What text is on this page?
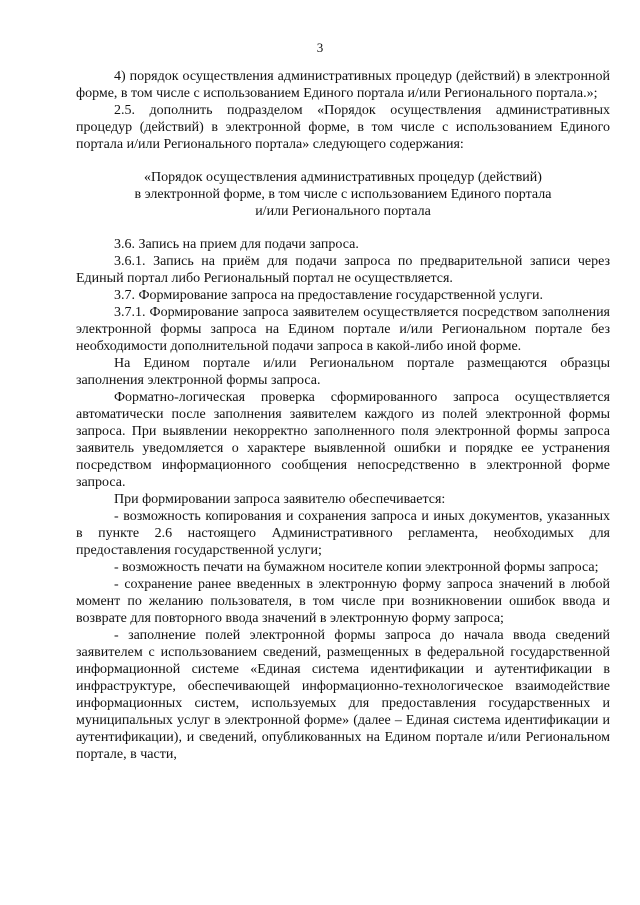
3

4) порядок осуществления административных процедур (действий) в электронной форме, в том числе с использованием Единого портала и/или Регионального портала.»;

2.5. дополнить подразделом «Порядок осуществления административных процедур (действий) в электронной форме, в том числе с использованием Единого портала и/или Регионального портала» следующего содержания:

«Порядок осуществления административных процедур (действий)
в электронной форме, в том числе с использованием Единого портала
и/или Регионального портала

3.6. Запись на прием для подачи запроса.

3.6.1. Запись на приём для подачи запроса по предварительной записи через Единый портал либо Региональный портал не осуществляется.

3.7. Формирование запроса на предоставление государственной услуги.

3.7.1. Формирование запроса заявителем осуществляется посредством заполнения электронной формы запроса на Едином портале и/или Региональном портале без необходимости дополнительной подачи запроса в какой-либо иной форме.

На Едином портале и/или Региональном портале размещаются образцы заполнения электронной формы запроса.

Форматно-логическая проверка сформированного запроса осуществляется автоматически после заполнения заявителем каждого из полей электронной формы запроса. При выявлении некорректно заполненного поля электронной формы запроса заявитель уведомляется о характере выявленной ошибки и порядке ее устранения посредством информационного сообщения непосредственно в электронной форме запроса.

При формировании запроса заявителю обеспечивается:

- возможность копирования и сохранения запроса и иных документов, указанных в пункте 2.6 настоящего Административного регламента, необходимых для предоставления государственной услуги;

- возможность печати на бумажном носителе копии электронной формы запроса;

- сохранение ранее введенных в электронную форму запроса значений в любой момент по желанию пользователя, в том числе при возникновении ошибок ввода и возврате для повторного ввода значений в электронную форму запроса;

- заполнение полей электронной формы запроса до начала ввода сведений заявителем с использованием сведений, размещенных в федеральной государственной информационной системе «Единая система идентификации и аутентификации в инфраструктуре, обеспечивающей информационно-технологическое взаимодействие информационных систем, используемых для предоставления государственных и муниципальных услуг в электронной форме» (далее – Единая система идентификации и аутентификации), и сведений, опубликованных на Едином портале и/или Региональном портале, в части,
